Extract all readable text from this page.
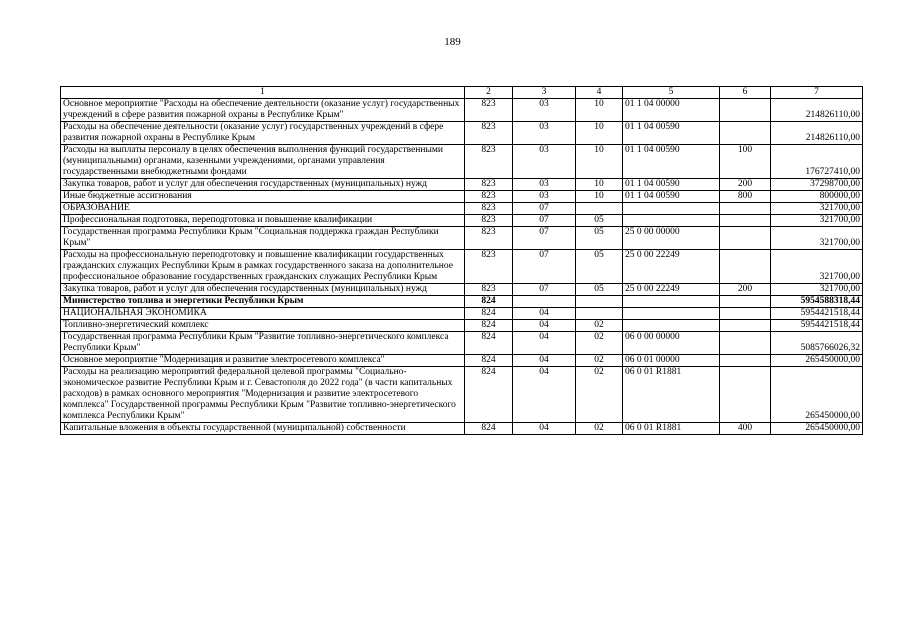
189
1	2	3	4	5	6	7
Основное мероприятие "Расходы на обеспечение деятельности (оказание услуг) государственных учреждений в сфере развития пожарной охраны в Республике Крым"	823	03	10	01 1 04 00000		214826110,00
Расходы на обеспечение деятельности (оказание услуг) государственных учреждений в сфере развития пожарной охраны в Республике Крым	823	03	10	01 1 04 00590		214826110,00
Расходы на выплаты персоналу в целях обеспечения выполнения функций государственными (муниципальными) органами, казенными учреждениями, органами управления государственными внебюджетными фондами	823	03	10	01 1 04 00590	100	176727410,00
Закупка товаров, работ и услуг для обеспечения государственных (муниципальных) нужд	823	03	10	01 1 04 00590	200	37298700,00
Иные бюджетные ассигнования	823	03	10	01 1 04 00590	800	800000,00
ОБРАЗОВАНИЕ	823	07				321700,00
Профессиональная подготовка, переподготовка и повышение квалификации	823	07	05			321700,00
Государственная программа Республики Крым "Социальная поддержка граждан Республики Крым"	823	07	05	25 0 00 00000		321700,00
Расходы на профессиональную переподготовку и повышение квалификации государственных гражданских служащих Республики Крым в рамках государственного заказа на дополнительное профессиональное образование государственных гражданских служащих Республики Крым	823	07	05	25 0 00 22249		321700,00
Закупка товаров, работ и услуг для обеспечения государственных (муниципальных) нужд	823	07	05	25 0 00 22249	200	321700,00
Министерство топлива и энергетики Республики Крым	824					5954588318,44
НАЦИОНАЛЬНАЯ ЭКОНОМИКА	824	04				5954421518,44
Топливно-энергетический комплекс	824	04	02			5954421518,44
Государственная программа Республики Крым "Развитие топливно-энергетического комплекса Республики Крым"	824	04	02	06 0 00 00000		5085766026,32
Основное мероприятие "Модернизация и развитие электросетевого комплекса"	824	04	02	06 0 01 00000		265450000,00
Расходы на реализацию мероприятий федеральной целевой программы "Социально-экономическое развитие Республики Крым и г. Севастополя до 2022 года" (в части капитальных расходов) в рамках основного мероприятия "Модернизация и развитие электросетевого комплекса" Государственной программы Республики Крым "Развитие топливно-энергетического комплекса Республики Крым"	824	04	02	06 0 01 R1881		265450000,00
Капитальные вложения в объекты государственной (муниципальной) собственности	824	04	02	06 0 01 R1881	400	265450000,00
